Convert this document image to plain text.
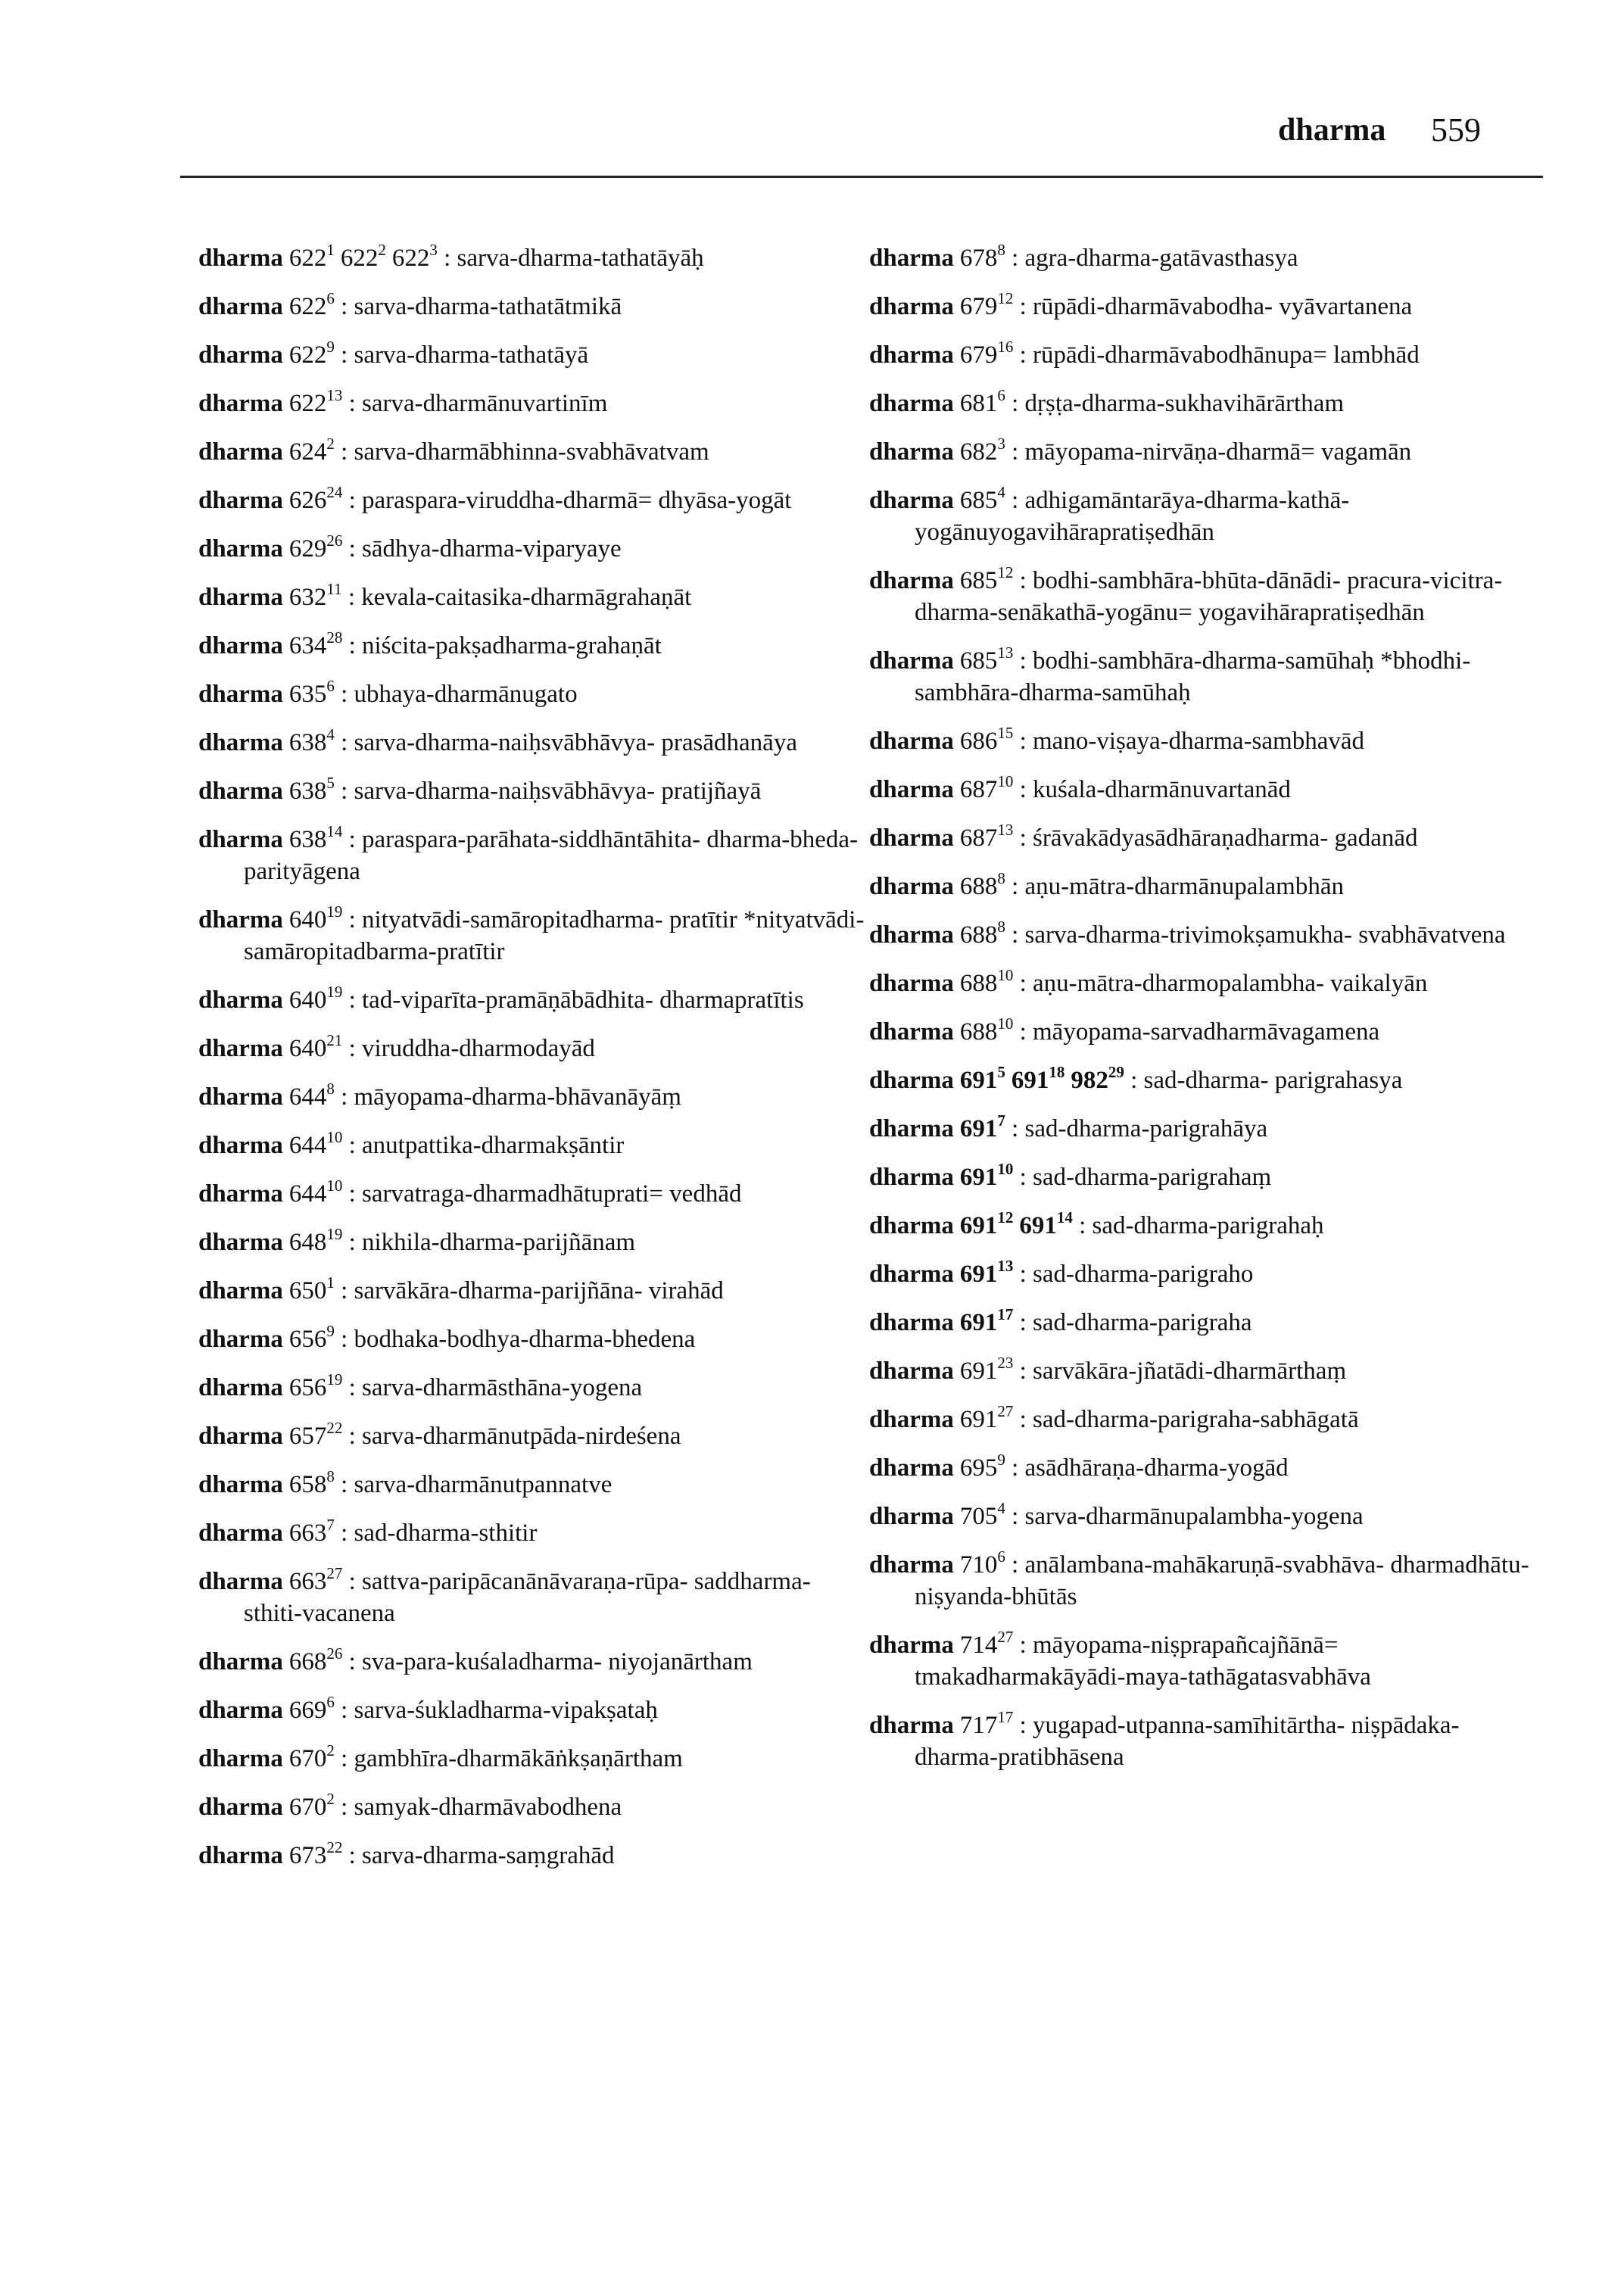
dharma 559
dharma $622^1$ $622^2$ $622^3$ : sarva-dharma-tathatāyāḥ
dharma $622^6$ : sarva-dharma-tathatātmikā
dharma $622^9$ : sarva-dharma-tathatāyā
dharma $622^{13}$ : sarva-dharmānuvartinīm
dharma $624^2$ : sarva-dharmābhinna-svabhāvatvam
dharma $626^{24}$ : paraspara-viruddha-dharmā= dhyāsa-yogāt
dharma $629^{26}$ : sādhya-dharma-viparyaye
dharma $632^{11}$ : kevala-caitasika-dharmāgrahaṇāt
dharma $634^{28}$ : niścita-pakṣadharma-grahaṇāt
dharma $635^6$ : ubhaya-dharmānugato
dharma $638^4$ : sarva-dharma-naiḥsvābhāvya- prasādhanāya
dharma $638^5$ : sarva-dharma-naiḥsvābhāvya- pratijñayā
dharma $638^{14}$ : paraspara-parāhata-siddhāntāhita- dharma-bheda-parityāgena
dharma $640^{19}$ : nityatvādi-samāropitadharma- pratītir *nityatvādi-samāropitadbarma-pratītir
dharma $640^{19}$ : tad-viparīta-pramāṇābādhita- dharmapratītis
dharma $640^{21}$ : viruddha-dharmodayād
dharma $644^8$ : māyopama-dharma-bhāvanāyāṃ
dharma $644^{10}$ : anutpattika-dharmakṣāntir
dharma $644^{10}$ : sarvatraga-dharmadhātuprati= vedhād
dharma $648^{19}$ : nikhila-dharma-parijñānam
dharma $650^1$ : sarvākāra-dharma-parijñāna- virahād
dharma $656^9$ : bodhaka-bodhya-dharma-bhedena
dharma $656^{19}$ : sarva-dharmāsthāna-yogena
dharma $657^{22}$ : sarva-dharmānutpāda-nirdeśena
dharma $658^8$ : sarva-dharmānutpannatve
dharma $663^7$ : sad-dharma-sthitir
dharma $663^{27}$ : sattva-paripācanānāvaraṇa-rūpa- saddharma-sthiti-vacanena
dharma $668^{26}$ : sva-para-kuśaladharma- niyojanārtham
dharma $669^6$ : sarva-śukladharma-vipakṣataḥ
dharma $670^2$ : gambhīra-dharmākāṅkṣaṇārtham
dharma $670^2$ : samyak-dharmāvabodhena
dharma $673^{22}$ : sarva-dharma-saṃgrahād
dharma $678^8$ : agra-dharma-gatāvasthasya
dharma $679^{12}$ : rūpādi-dharmāvabodha- vyāvartanena
dharma $679^{16}$ : rūpādi-dharmāvabodhānupa= lambhād
dharma $681^6$ : dṛṣṭa-dharma-sukhavihārārtham
dharma $682^3$ : māyopama-nirvāṇa-dharmā= vagamān
dharma $685^4$ : adhigamāntarāya-dharma-kathā- yogānuyogavihārapratiṣedhān
dharma $685^{12}$ : bodhi-sambhāra-bhūta-dānādi- pracura-vicitra-dharma-senākathā-yogānu= yogavihārapratiṣedhān
dharma $685^{13}$ : bodhi-sambhāra-dharma-samūhaḥ *bhodhi-sambhāra-dharma-samūhaḥ
dharma $686^{15}$ : mano-viṣaya-dharma-sambhavād
dharma $687^{10}$ : kuśala-dharmānuvartanād
dharma $687^{13}$ : śrāvakādyasādhāraṇadharma- gadanād
dharma $688^8$ : aṇu-mātra-dharmānupalambhān
dharma $688^8$ : sarva-dharma-trivimokṣamukha- svabhāvatvena
dharma $688^{10}$ : aṇu-mātra-dharmopalambha- vaikalyān
dharma $688^{10}$ : māyopama-sarvadharmāvagamena
dharma $691^5$ $691^{18}$ $982^{29}$ : sad-dharma- parigrahasya
dharma $691^7$ : sad-dharma-parigrahāya
dharma $691^{10}$ : sad-dharma-parigrahaṃ
dharma $691^{12}$ $691^{14}$ : sad-dharma-parigrahaḥ
dharma $691^{13}$ : sad-dharma-parigraho
dharma $691^{17}$ : sad-dharma-parigraha
dharma $691^{23}$ : sarvākāra-jñatādi-dharmārthaṃ
dharma $691^{27}$ : sad-dharma-parigraha-sabhāgatā
dharma $695^9$ : asādhāraṇa-dharma-yogād
dharma $705^4$ : sarva-dharmānupalambha-yogena
dharma $710^6$ : anālambana-mahākaruṇā-svabhāva- dharmadhātu-niṣyanda-bhūtās
dharma $714^{27}$ : māyopama-niṣprapañcajñānā= tmakadharmakāyādi-maya-tathāgatasvabhāva
dharma $717^{17}$ : yugapad-utpanna-samīhitārtha- niṣpādaka-dharma-pratibhāsena
